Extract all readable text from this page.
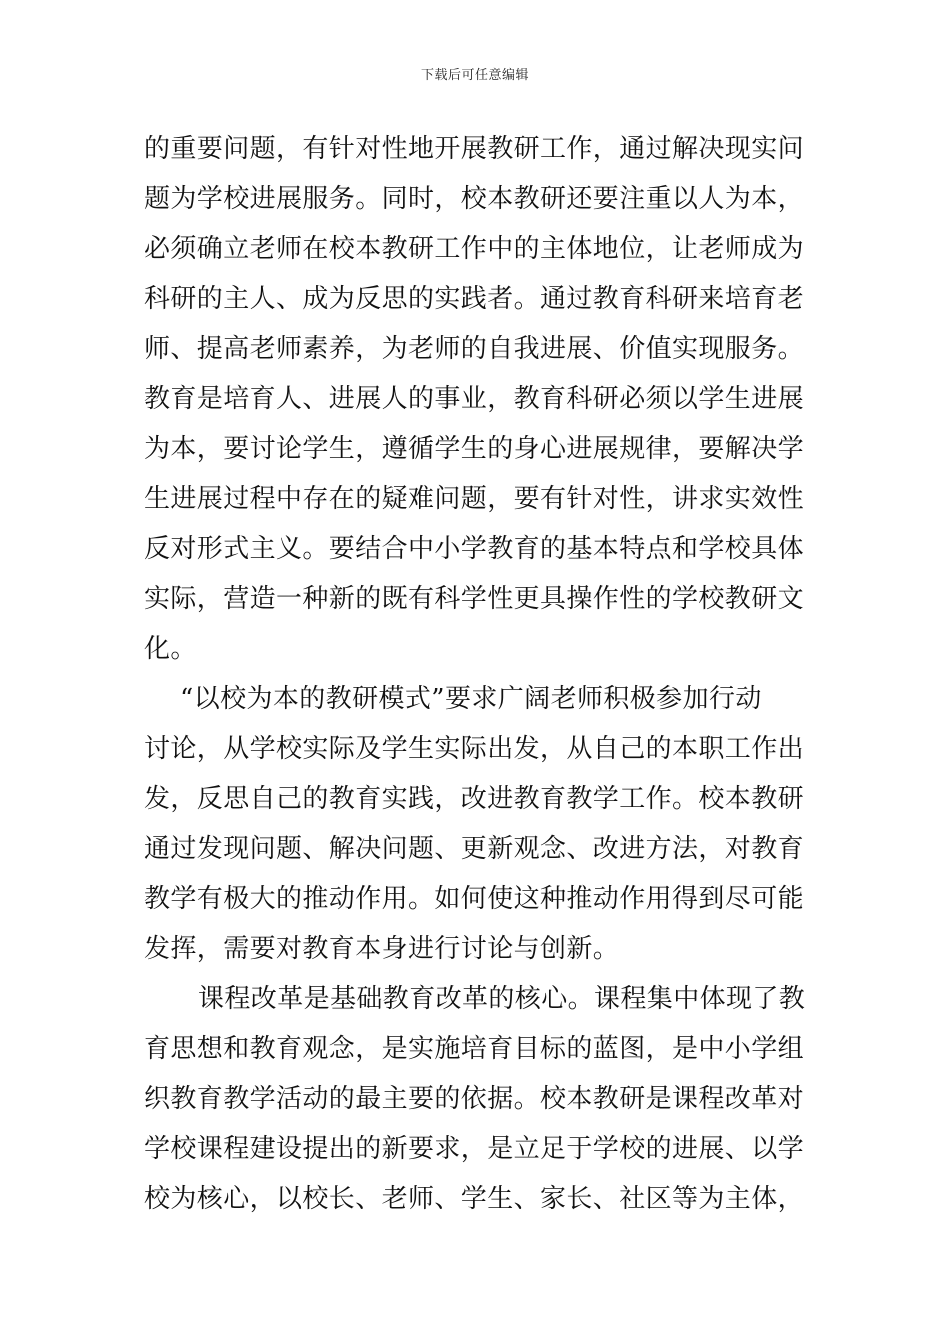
下载后可任意编辑
的重要问题，有针对性地开展教研工作，通过解决现实问
题为学校进展服务。同时，校本教研还要注重以人为本，
必须确立老师在校本教研工作中的主体地位，让老师成为
科研的主人、成为反思的实践者。通过教育科研来培育老
师、提高老师素养，为老师的自我进展、价值实现服务。
教育是培育人、进展人的事业，教育科研必须以学生进展
为本，要讨论学生，遵循学生的身心进展规律，要解决学
生进展过程中存在的疑难问题，要有针对性，讲求实效性
反对形式主义。要结合中小学教育的基本特点和学校具体
实际，营造一种新的既有科学性更具操作性的学校教研文
化。
“以校为本的教研模式”要求广阔老师积极参加行动
讨论，从学校实际及学生实际出发，从自己的本职工作出
发，反思自己的教育实践，改进教育教学工作。校本教研
通过发现问题、解决问题、更新观念、改进方法，对教育
教学有极大的推动作用。如何使这种推动作用得到尽可能
发挥，需要对教育本身进行讨论与创新。
课程改革是基础教育改革的核心。课程集中体现了教
育思想和教育观念，是实施培育目标的蓝图，是中小学组
织教育教学活动的最主要的依据。校本教研是课程改革对
学校课程建设提出的新要求，是立足于学校的进展、以学
校为核心，以校长、老师、学生、家长、社区等为主体，
